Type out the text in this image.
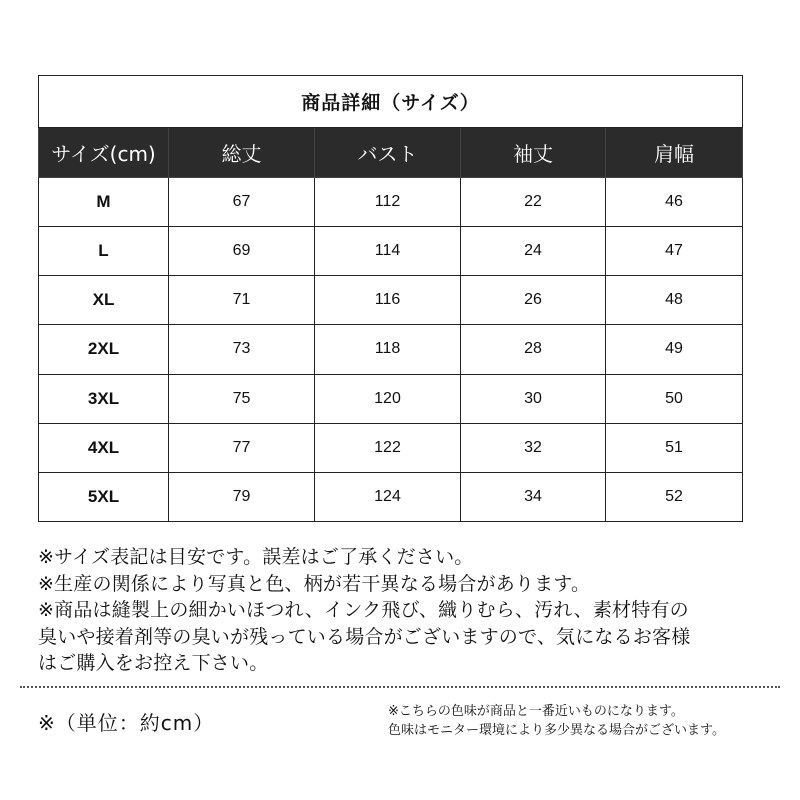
商品詳細（サイズ）				
サイズ(cm)	総丈	バスト	袖丈	肩幅
M	67	112	22	46
L	69	114	24	47
XL	71	116	26	48
2XL	73	118	28	49
3XL	75	120	30	50
4XL	77	122	32	51
5XL	79	124	34	52

※サイズ表記は目安です。誤差はご了承ください。

※生産の関係により写真と色、柄が若干異なる場合があります。

※商品は縫製上の細かいほつれ、インク飛び、織りむら、汚れ、素材特有の

臭いや接着剤等の臭いが残っている場合がございますので、気になるお客様

はご購入をお控え下さい。

※（単位：約cm）	※こちらの色味が商品と一番近いものになります。

色味はモニター環境により多少異なる場合がございます。
